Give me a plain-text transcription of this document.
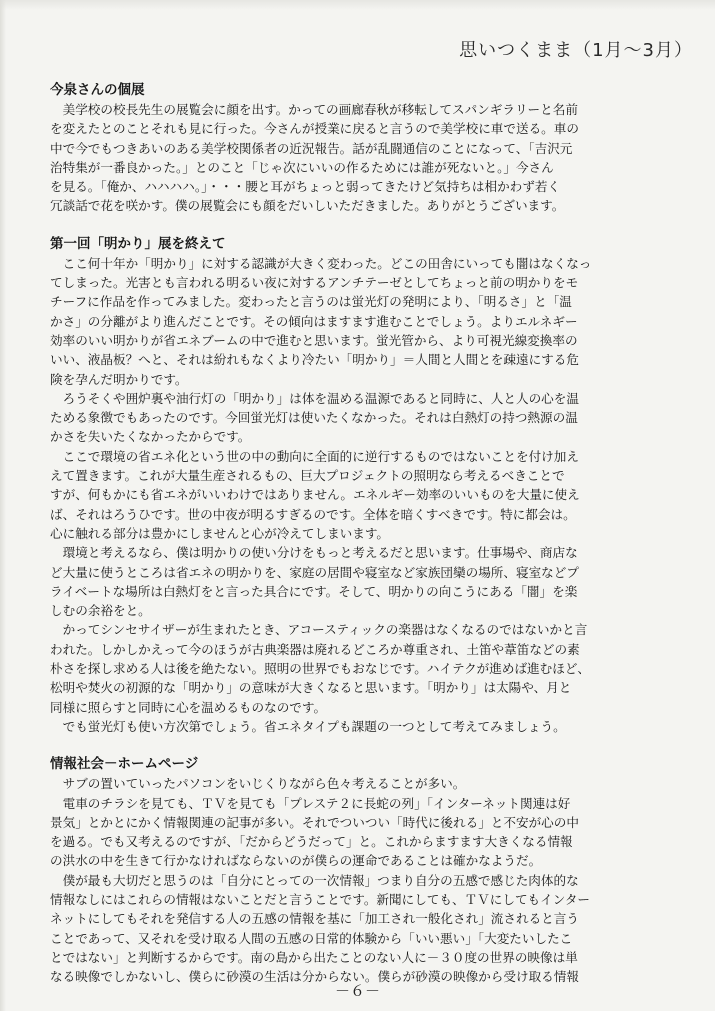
思いつくまま（1月〜3月）
今泉さんの個展
　美学校の校長先生の展覧会に顔を出す。かっての画廊春秋が移転してスパンギラリーと名前
を変えたとのことそれも見に行った。今さんが授業に戻ると言うので美学校に車で送る。車の
中で今でもつきあいのある美学校関係者の近況報告。話が乱闘通信のことになって、「吉沢元
治特集が一番良かった。」とのこと「じゃ次にいいの作るためには誰が死ないと。」今さん
を見る。「俺か、ハハハハ。」・・・腰と耳がちょっと弱ってきたけど気持ちは相かわず若く
冗談話で花を咲かす。僕の展覧会にも顔をだいしいただきました。ありがとうございます。
第一回「明かり」展を終えて
　ここ何十年か「明かり」に対する認識が大きく変わった。どこの田舎にいっても闇はなくなっ
てしまった。光害とも言われる明るい夜に対するアンチテーゼとしてちょっと前の明かりをモ
チーフに作品を作ってみました。変わったと言うのは蛍光灯の発明により、「明るさ」と「温
かさ」の分離がより進んだことです。その傾向はますます進むことでしょう。よりエルネギー
効率のいい明かりが省エネブームの中で進むと思います。蛍光管から、より可視光線変換率の
いい、液晶板？へと、それは紛れもなくより冷たい「明かり」＝人間と人間とを疎遠にする危
険を孕んだ明かりです。
　ろうそくや囲炉裏や油行灯の「明かり」は体を温める温源であると同時に、人と人の心を温
ためる象徴でもあったのです。今回蛍光灯は使いたくなかった。それは白熱灯の持つ熱源の温
かさを失いたくなかったからです。
　ここで環境の省エネ化という世の中の動向に全面的に逆行するものではないことを付け加え
えて置きます。これが大量生産されるもの、巨大プロジェクトの照明なら考えるべきことで
すが、何もかにも省エネがいいわけではありません。エネルギー効率のいいものを大量に使え
ば、それはろうひです。世の中夜が明るすぎるのです。全体を暗くすべきです。特に都会は。
心に触れる部分は豊かにしませんと心が冷えてしまいます。
　環境と考えるなら、僕は明かりの使い分けをもっと考えるだと思います。仕事場や、商店な
ど大量に使うところは省エネの明かりを、家庭の居間や寝室など家族団欒の場所、寝室などプ
ライベートな場所は白熱灯をと言った具合にです。そして、明かりの向こうにある「闇」を楽
しむの余裕をと。
　かってシンセサイザーが生まれたとき、アコースティックの楽器はなくなるのではないかと言
われた。しかしかえって今のほうが古典楽器は廃れるどころか尊重され、土笛や葦笛などの素
朴さを探し求める人は後を絶たない。照明の世界でもおなじです。ハイテクが進めば進むほど、
松明や焚火の初源的な「明かり」の意味が大きくなると思います。「明かり」は太陽や、月と
同様に照らすと同時に心を温めるものなのです。
　でも蛍光灯も使い方次第でしょう。省エネタイプも課題の一つとして考えてみましょう。
情報社会－ホームページ
　サブの置いていったパソコンをいじくりながら色々考えることが多い。
　電車のチラシを見ても、ＴＶを見ても「プレステ２に長蛇の列」「インターネット関連は好
景気」とかとにかく情報関連の記事が多い。それでついつい「時代に後れる」と不安が心の中
を過る。でも又考えるのですが、「だからどうだって」と。これからますます大きくなる情報
の洪水の中を生きて行かなければならないのが僕らの運命であることは確かなようだ。
　僕が最も大切だと思うのは「自分にとっての一次情報」つまり自分の五感で感じた肉体的な
情報なしにはこれらの情報はないことだと言うことです。新聞にしても、ＴＶにしてもインター
ネットにしてもそれを発信する人の五感の情報を基に「加工され一般化され」流されると言う
ことであって、又それを受け取る人間の五感の日常的体験から「いい悪い」「大変たいしたこ
とではない」と判断するからです。南の島から出たことのない人に－３０度の世界の映像は単
なる映像でしかないし、僕らに砂漠の生活は分からない。僕らが砂漠の映像から受け取る情報
－６－
